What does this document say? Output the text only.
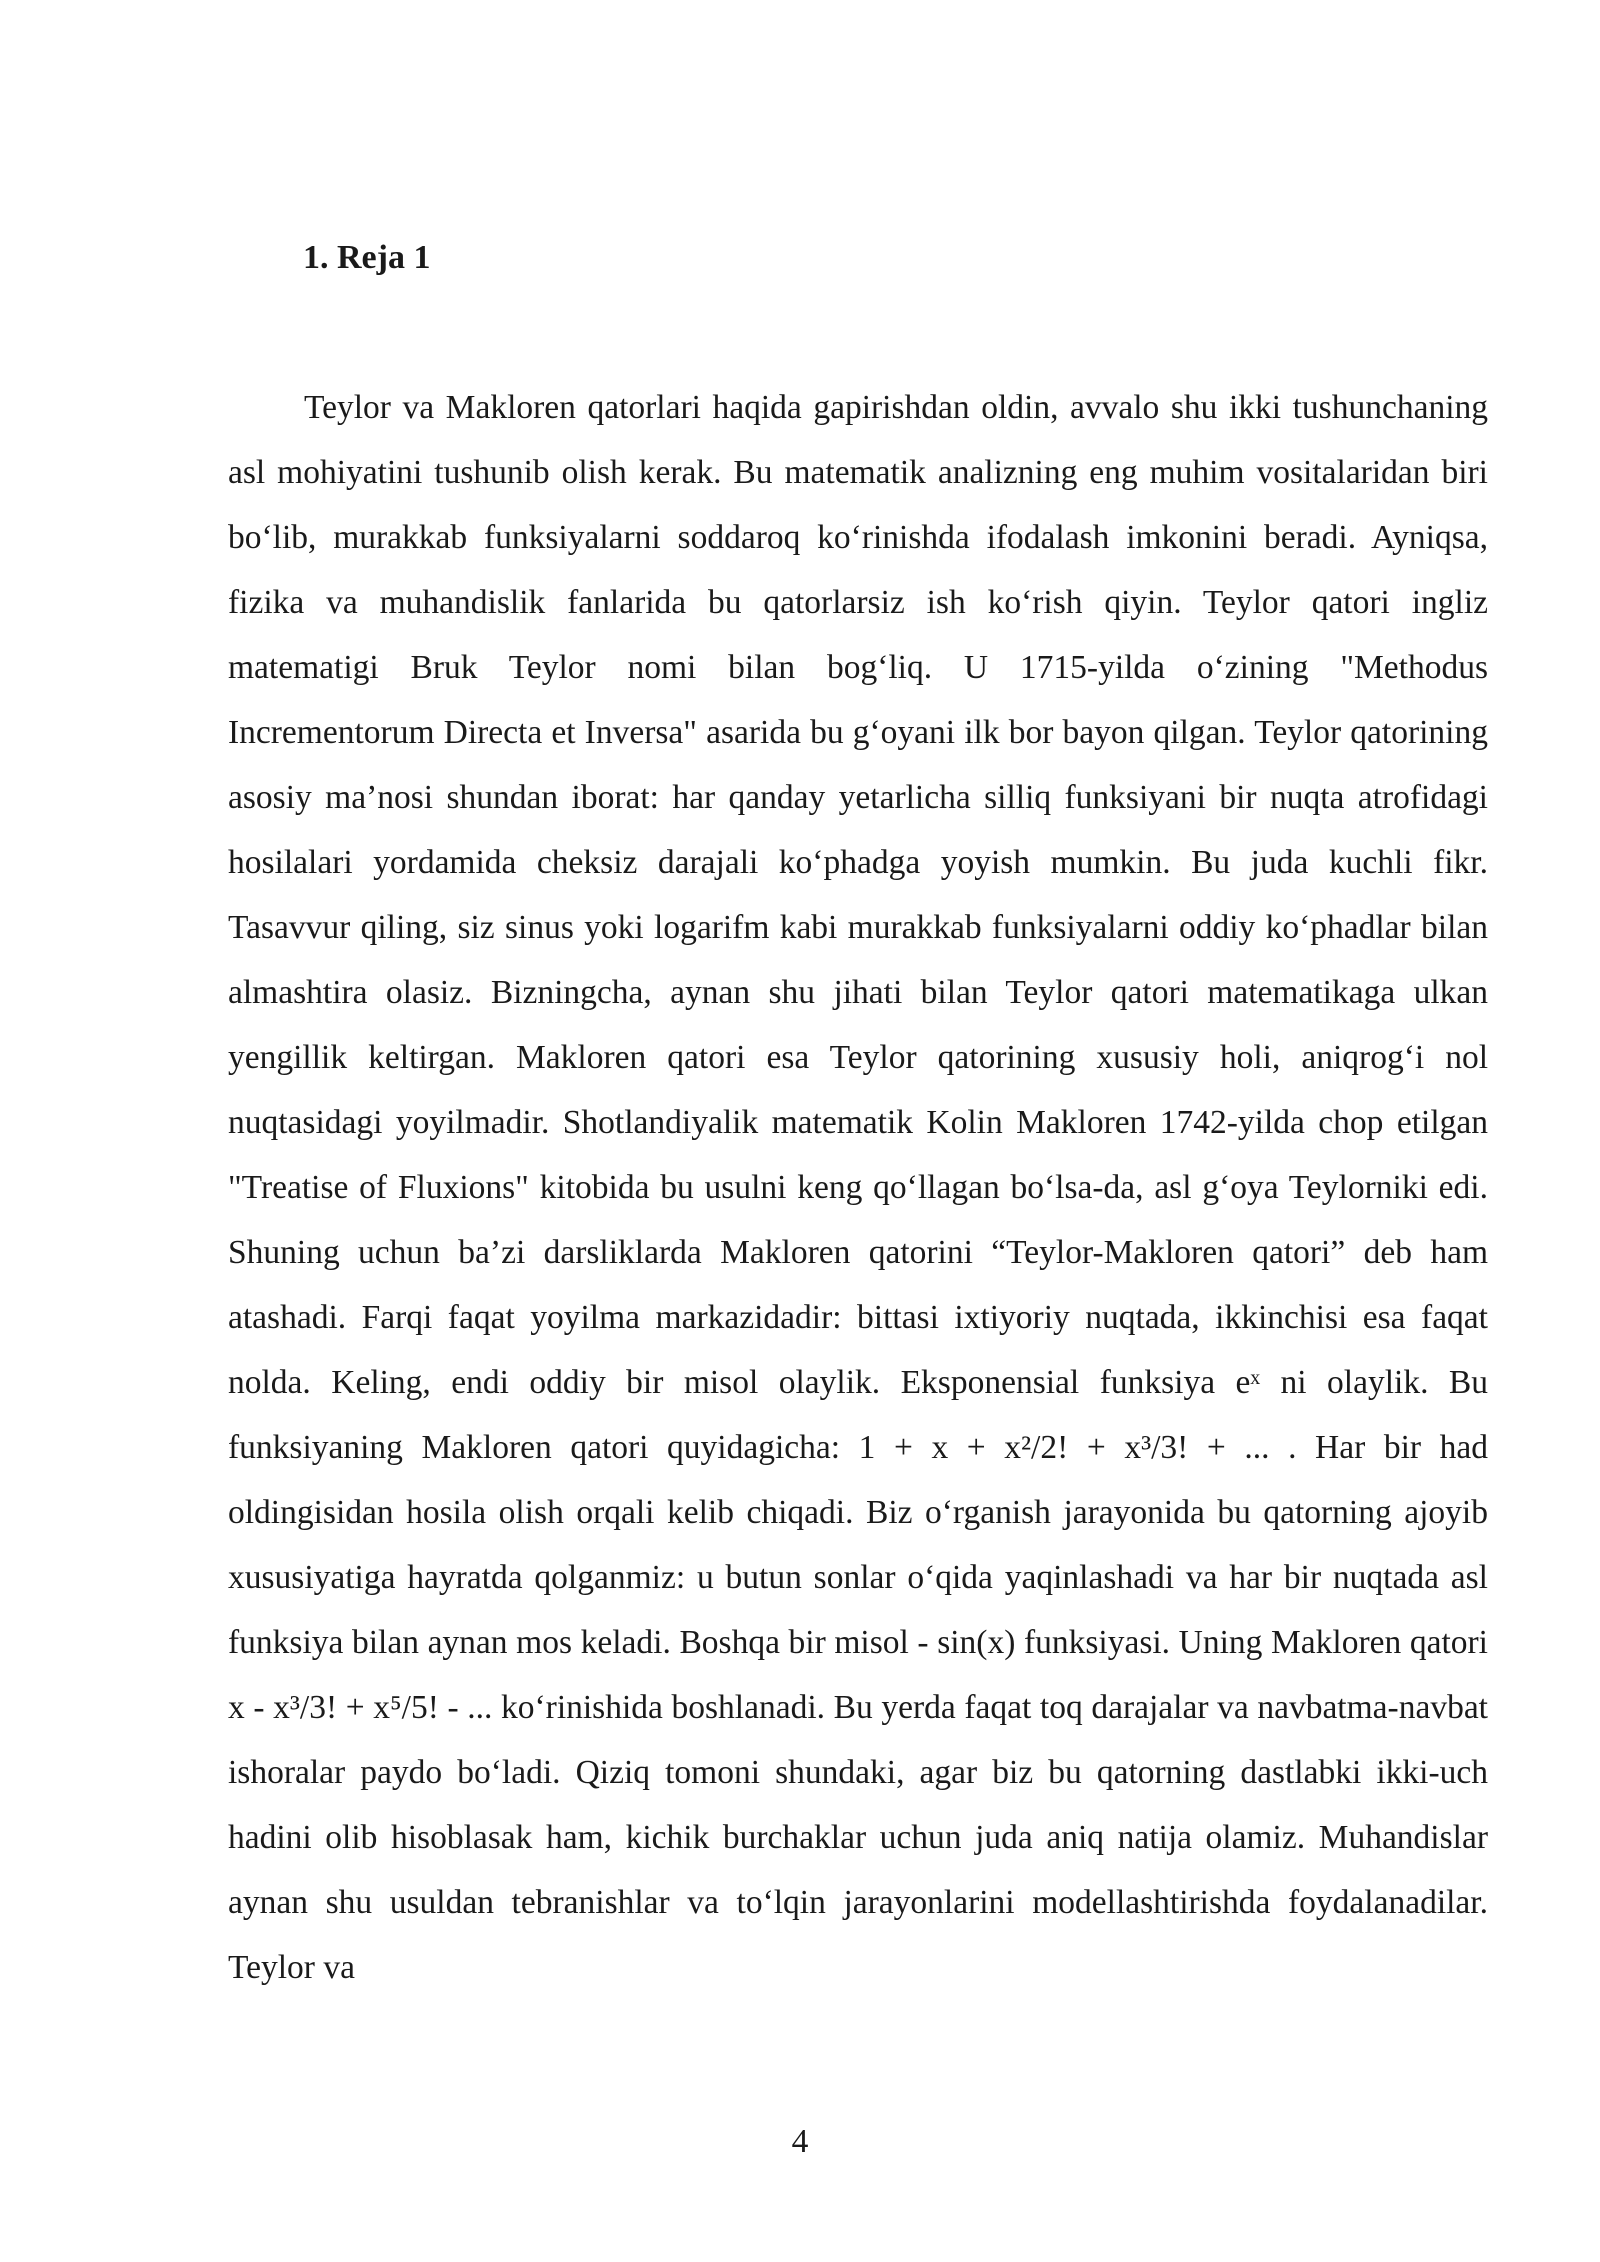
1. Reja 1

Teylor va Makloren qatorlari haqida gapirishdan oldin, avvalo shu ikki tushunchaning asl mohiyatini tushunib olish kerak. Bu matematik analizning eng muhim vositalaridan biri bo‘lib, murakkab funksiyalarni soddaroq ko‘rinishda ifodalash imkonini beradi. Ayniqsa, fizika va muhandislik fanlarida bu qatorlarsiz ish ko‘rish qiyin. Teylor qatori ingliz matematigi Bruk Teylor nomi bilan bog‘liq. U 1715-yilda o‘zining "Methodus Incrementorum Directa et Inversa" asarida bu g‘oyani ilk bor bayon qilgan. Teylor qatorining asosiy ma’nosi shundan iborat: har qanday yetarlicha silliq funksiyani bir nuqta atrofidagi hosilalari yordamida cheksiz darajali ko‘phadga yoyish mumkin. Bu juda kuchli fikr. Tasavvur qiling, siz sinus yoki logarifm kabi murakkab funksiyalarni oddiy ko‘phadlar bilan almashtira olasiz. Bizningcha, aynan shu jihati bilan Teylor qatori matematikaga ulkan yengillik keltirgan. Makloren qatori esa Teylor qatorining xususiy holi, aniqrog‘i nol nuqtasidagi yoyilmadir. Shotlandiyalik matematik Kolin Makloren 1742-yilda chop etilgan "Treatise of Fluxions" kitobida bu usulni keng qo‘llagan bo‘lsa-da, asl g‘oya Teylorniki edi. Shuning uchun ba’zi darsliklarda Makloren qatorini “Teylor-Makloren qatori” deb ham atashadi. Farqi faqat yoyilma markazidadir: bittasi ixtiyoriy nuqtada, ikkinchisi esa faqat nolda. Keling, endi oddiy bir misol olaylik. Eksponensial funksiya eˣ ni olaylik. Bu funksiyaning Makloren qatori quyidagicha: 1 + x + x²/2! + x³/3! + ... . Har bir had oldingisidan hosila olish orqali kelib chiqadi. Biz o‘rganish jarayonida bu qatorning ajoyib xususiyatiga hayratda qolganmiz: u butun sonlar o‘qida yaqinlashadi va har bir nuqtada asl funksiya bilan aynan mos keladi. Boshqa bir misol - sin(x) funksiyasi. Uning Makloren qatori x - x³/3! + x⁵/5! - ... ko‘rinishida boshlanadi. Bu yerda faqat toq darajalar va navbatma-navbat ishoralar paydo bo‘ladi. Qiziq tomoni shundaki, agar biz bu qatorning dastlabki ikki-uch hadini olib hisoblasak ham, kichik burchaklar uchun juda aniq natija olamiz. Muhandislar aynan shu usuldan tebranishlar va to‘lqin jarayonlarini modellashtirishda foydalanadilar. Teylor va

4
